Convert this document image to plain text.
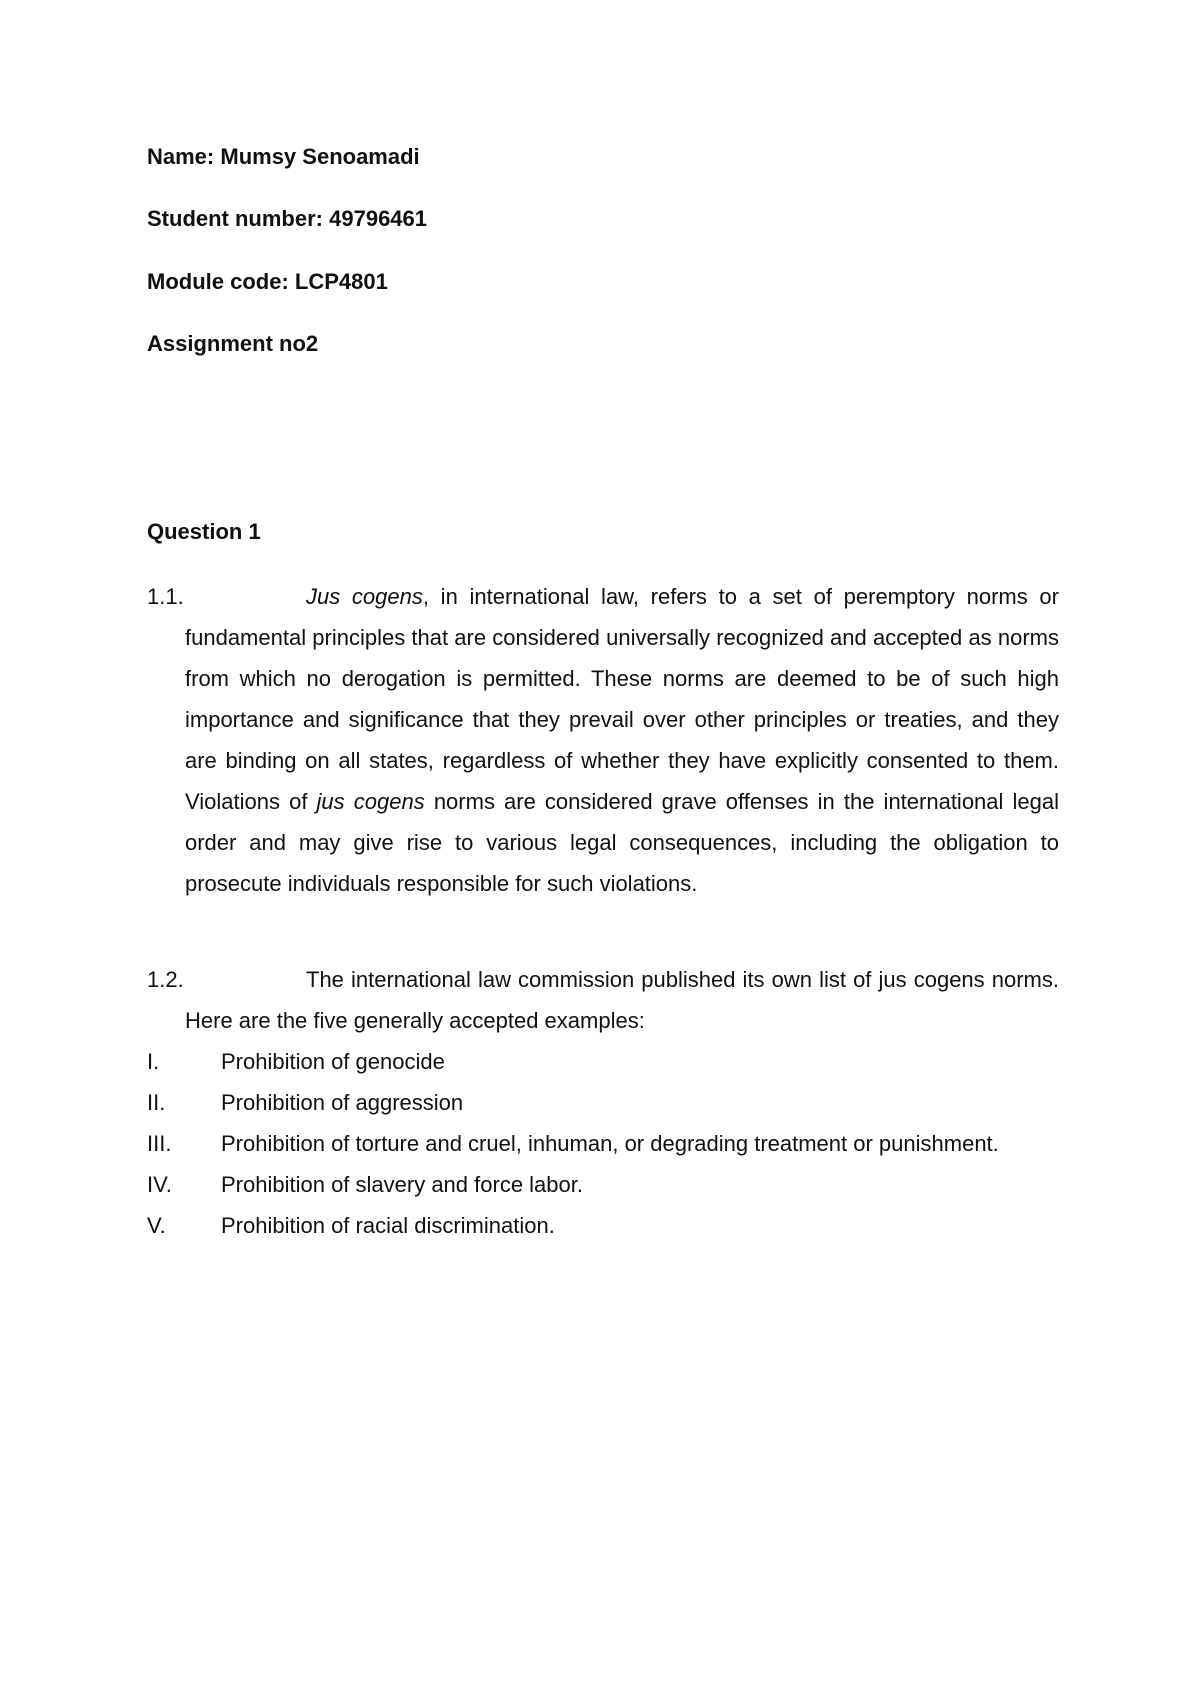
Name: Mumsy Senoamadi

Student number: 49796461

Module code: LCP4801

Assignment no2

Question 1

1.1.	Jus cogens, in international law, refers to a set of peremptory norms or fundamental principles that are considered universally recognized and accepted as norms from which no derogation is permitted. These norms are deemed to be of such high importance and significance that they prevail over other principles or treaties, and they are binding on all states, regardless of whether they have explicitly consented to them. Violations of jus cogens norms are considered grave offenses in the international legal order and may give rise to various legal consequences, including the obligation to prosecute individuals responsible for such violations.

1.2.	The international law commission published its own list of jus cogens norms. Here are the five generally accepted examples:

I.	Prohibition of genocide
II.	Prohibition of aggression
III.	Prohibition of torture and cruel, inhuman, or degrading treatment or punishment.
IV.	Prohibition of slavery and force labor.
V.	Prohibition of racial discrimination.
